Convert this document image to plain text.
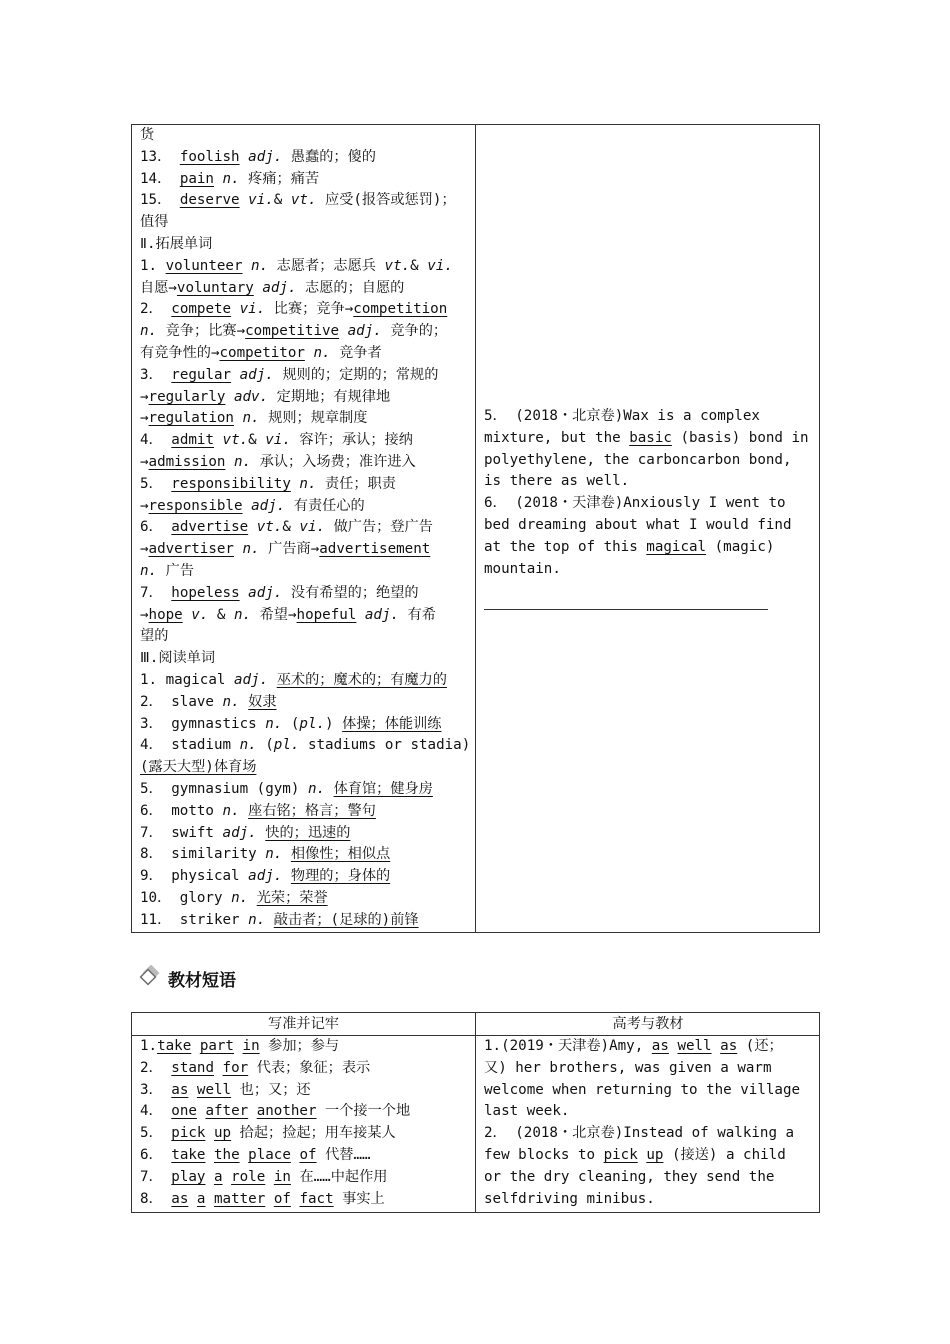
货
13． foolish adj. 愚蠢的；傻的
14． pain n. 疼痛；痛苦
15． deserve vi.& vt. 应受(报答或惩罚)；
值得
Ⅱ.拓展单词
1. volunteer n. 志愿者；志愿兵 vt.& vi.
自愿→voluntary adj. 志愿的；自愿的
2． compete vi. 比赛；竞争→competition
n. 竞争；比赛→competitive adj. 竞争的；
有竞争性的→competitor n. 竞争者
3． regular adj. 规则的；定期的；常规的
→regularly adv. 定期地；有规律地
→regulation n. 规则；规章制度
4． admit vt.& vi. 容许；承认；接纳
→admission n. 承认；入场费；准许进入
5． responsibility n. 责任；职责
→responsible adj. 有责任心的
6． advertise vt.& vi. 做广告；登广告
→advertiser n. 广告商→advertisement
n. 广告
7． hopeless adj. 没有希望的；绝望的
→hope v. & n. 希望→hopeful adj. 有希
望的
Ⅲ.阅读单词
1. magical adj. 巫术的；魔术的；有魔力的
2． slave n. 奴隶
3． gymnastics n. (pl.) 体操；体能训练
4． stadium n. (pl. stadiums or stadia)
(露天大型)体育场
5． gymnasium (gym) n. 体育馆；健身房
6． motto n. 座右铭；格言；警句
7． swift adj. 快的；迅速的
8． similarity n. 相像性；相似点
9． physical adj. 物理的；身体的
10． glory n. 光荣；荣誉
11． striker n. 敲击者；(足球的)前锋
5． (2018・北京卷)Wax is a complex
mixture, but the basic (basis) bond in
polyethylene, the carboncarbon bond,
is there as well.
6． (2018・天津卷)Anxiously I went to
bed dreaming about what I would find
at the top of this magical (magic)
mountain.
教材短语
写准并记牢	高考与教材
1.take part in 参加；参与
2． stand for 代表；象征；表示
3． as well 也；又；还
4． one after another 一个接一个地
5． pick up 拾起；捡起；用车接某人
6． take the place of 代替……
7． play a role in 在……中起作用
8． as a matter of fact 事实上
1.(2019・天津卷)Amy, as well as (还；
又) her brothers, was given a warm
welcome when returning to the village
last week.
2． (2018・北京卷)Instead of walking a
few blocks to pick up (接送) a child
or the dry cleaning, they send the
selfdriving minibus.
